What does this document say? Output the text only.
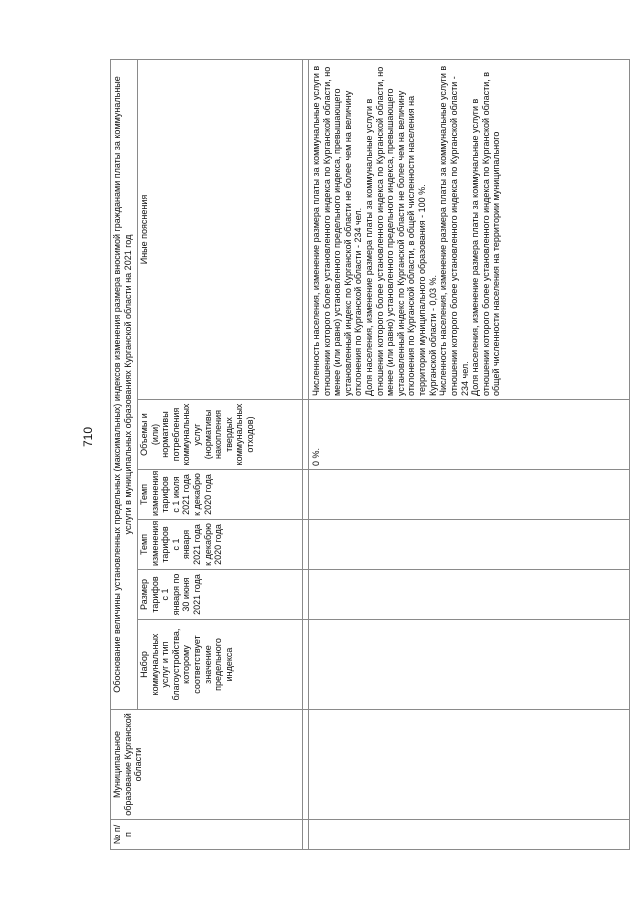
710
№ п/п	Муниципальное образование Курганской области	Обоснование величины установленных предельных (максимальных) индексов изменения размера вносимой гражданами платы за коммунальные услуги в муниципальных образованиях Курганской области на 2021 год					
		Набор коммунальных услуг и тип благоустройства, которому соответствует значение предельного индекса	Размер тарифов с 1 января по 30 июня 2021 года	Темп изменения тарифов с 1 января 2021 года к декабрю 2020 года	Темп изменения тарифов с 1 июля 2021 года к декабрю 2020 года	Объемы и (или) нормативы потребления коммунальных услуг (нормативы накопления твердых коммунальных отходов)	Иные пояснения

						0 %.	Численность населения, изменение размера платы за коммунальные услуги в отношении которого более установленного индекса по Курганской области, но менее (или равно) установленного предельного индекса, превышающего установленный индекс по Курганской области не более чем на величину отклонения по Курганской области - 234 чел. Доля населения, изменение размера платы за коммунальные услуги в отношении которого более установленного индекса по Курганской области, но менее (или равно) установленного предельного индекса, превышающего установленный индекс по Курганской области не более чем на величину отклонения по Курганской области, в общей численности населения на территории муниципального образования - 100 %. Курганской области - 0,03 %. Численность населения, изменение размера платы за коммунальные услуги в отношении которого более установленного индекса по Курганской области - 234 чел. Доля населения, изменение размера платы за коммунальные услуги в отношении которого более установленного индекса по Курганской области, в общей численности населения на территории муниципального
